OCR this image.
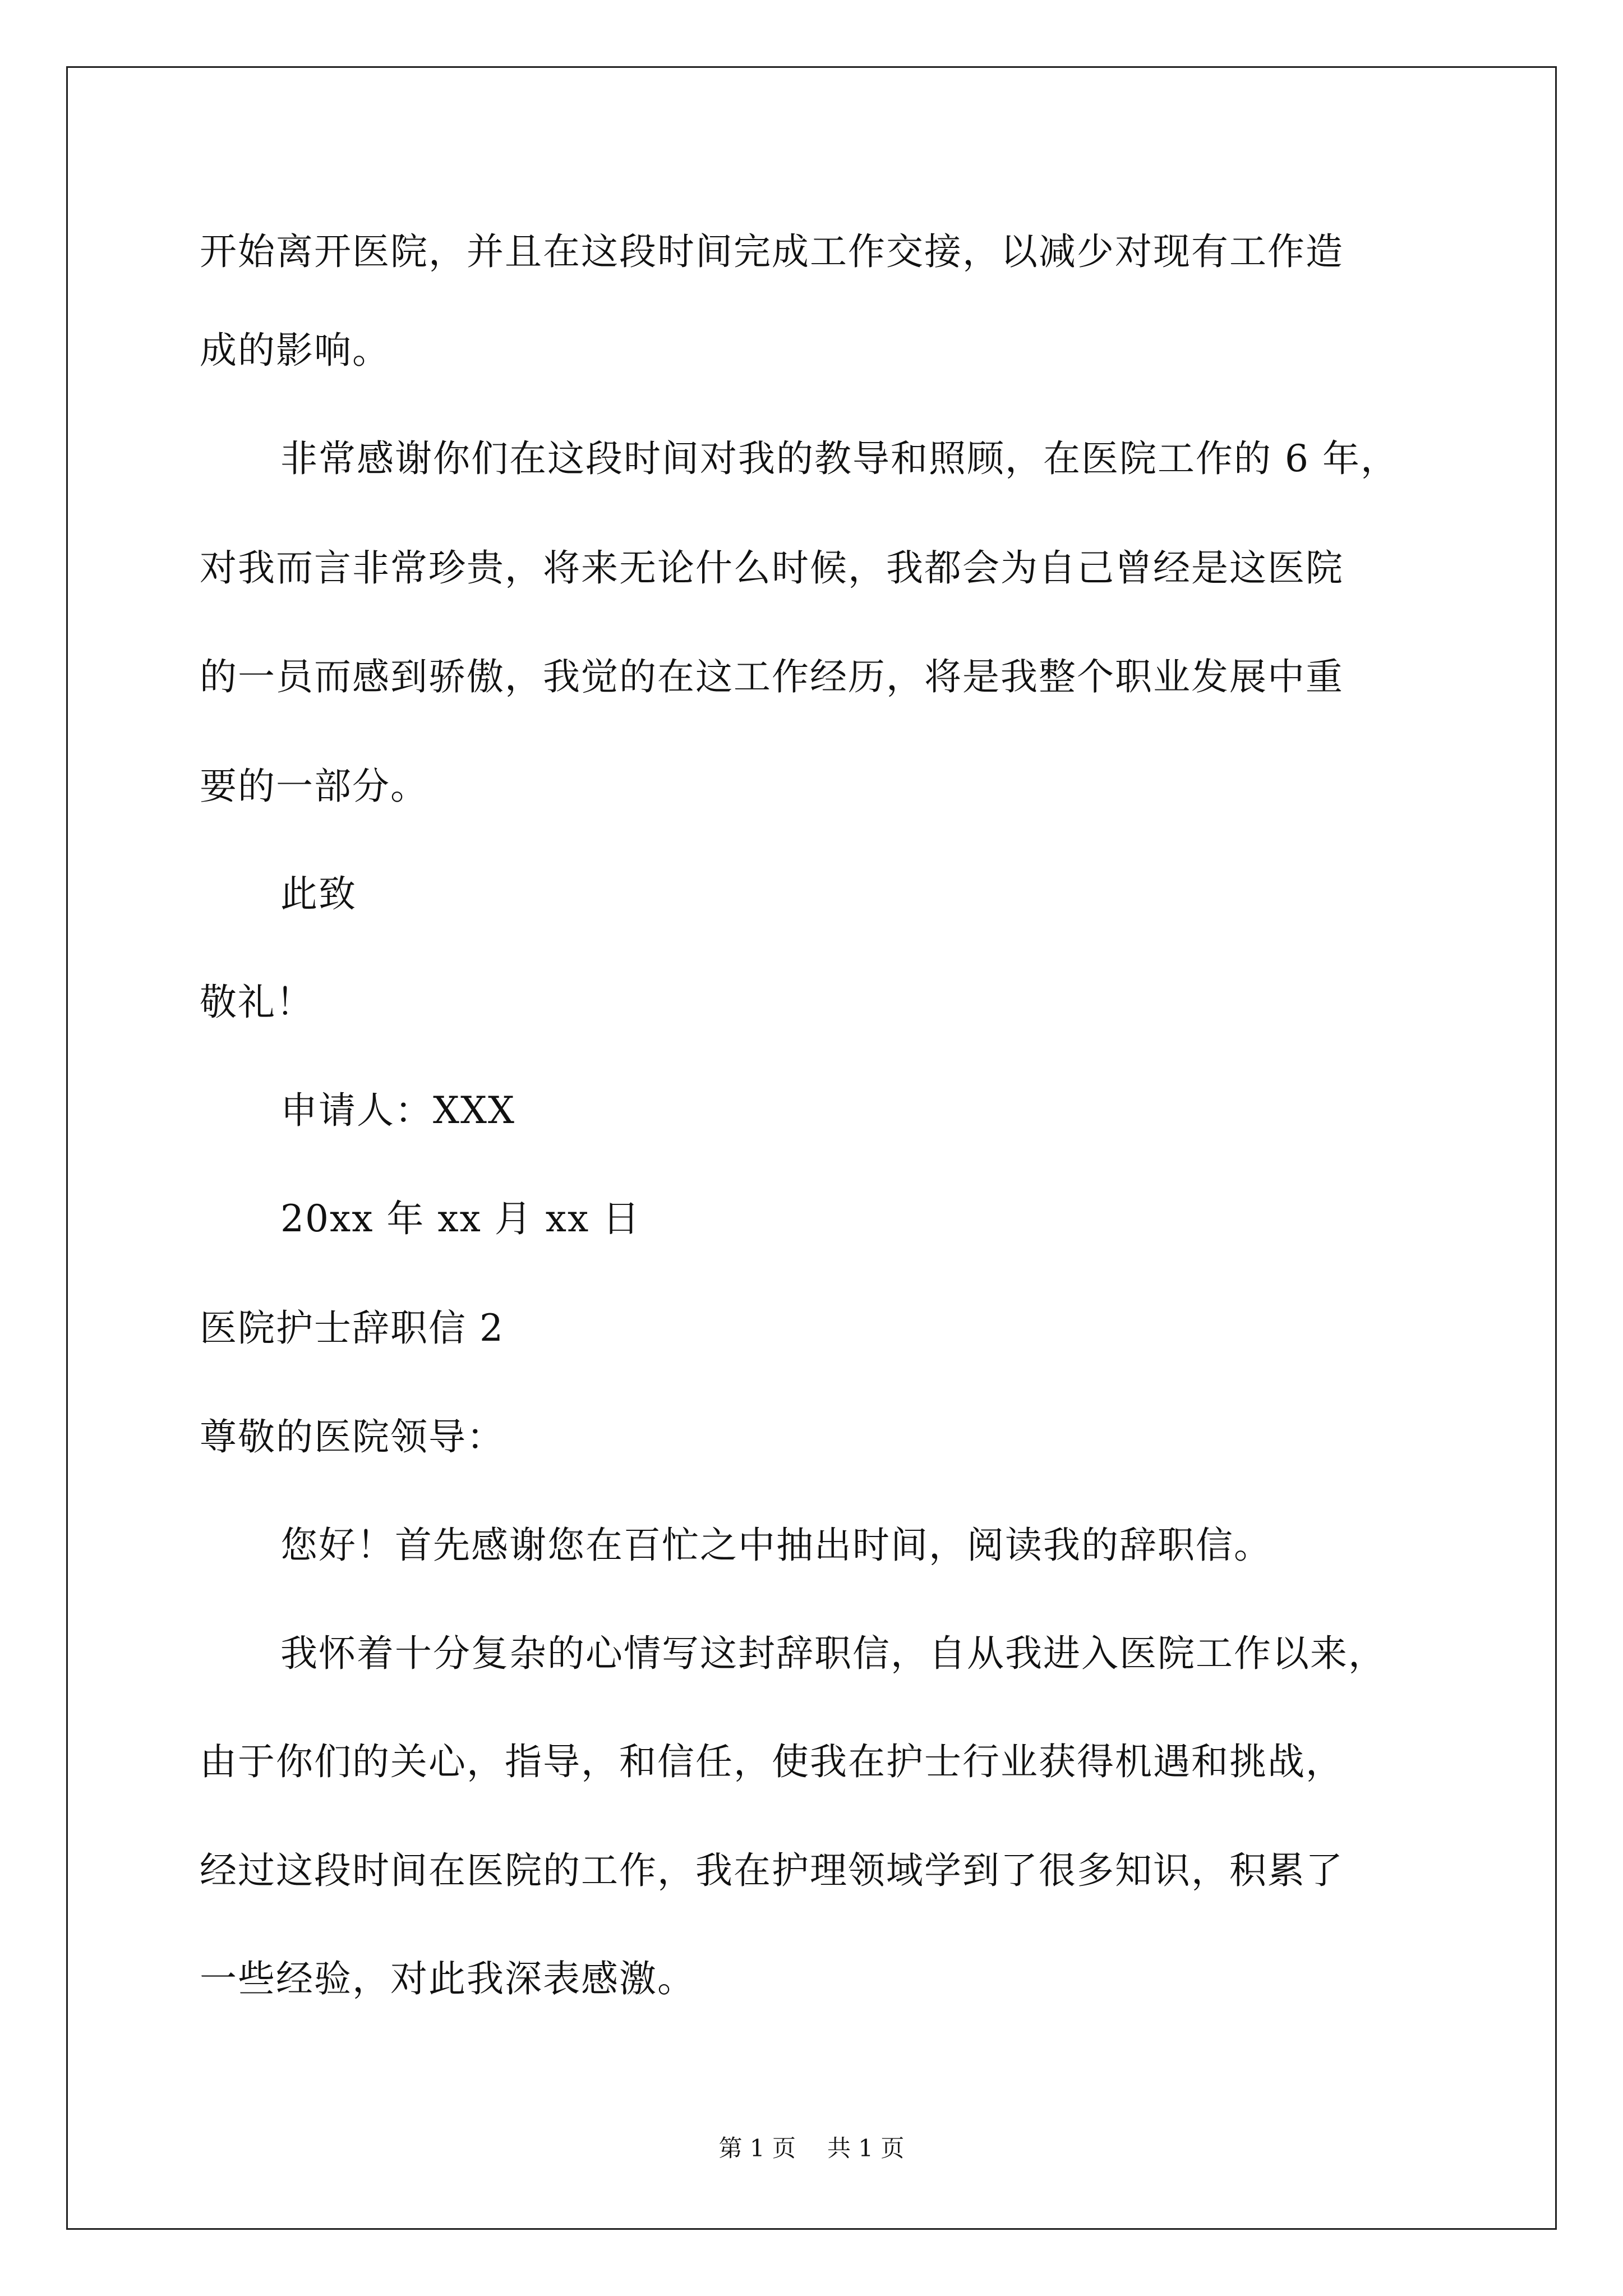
开始离开医院，并且在这段时间完成工作交接，以减少对现有工作造
成的影响。
非常感谢你们在这段时间对我的教导和照顾，在医院工作的 6 年，
对我而言非常珍贵，将来无论什么时候，我都会为自己曾经是这医院
的一员而感到骄傲，我觉的在这工作经历，将是我整个职业发展中重
要的一部分。
此致
敬礼！
申请人：XXX
20xx 年 xx 月 xx 日
医院护士辞职信 2
尊敬的医院领导：
您好！首先感谢您在百忙之中抽出时间，阅读我的辞职信。
我怀着十分复杂的心情写这封辞职信，自从我进入医院工作以来，
由于你们的关心，指导，和信任，使我在护士行业获得机遇和挑战，
经过这段时间在医院的工作，我在护理领域学到了很多知识，积累了
一些经验，对此我深表感激。
第 1 页 共 1 页
